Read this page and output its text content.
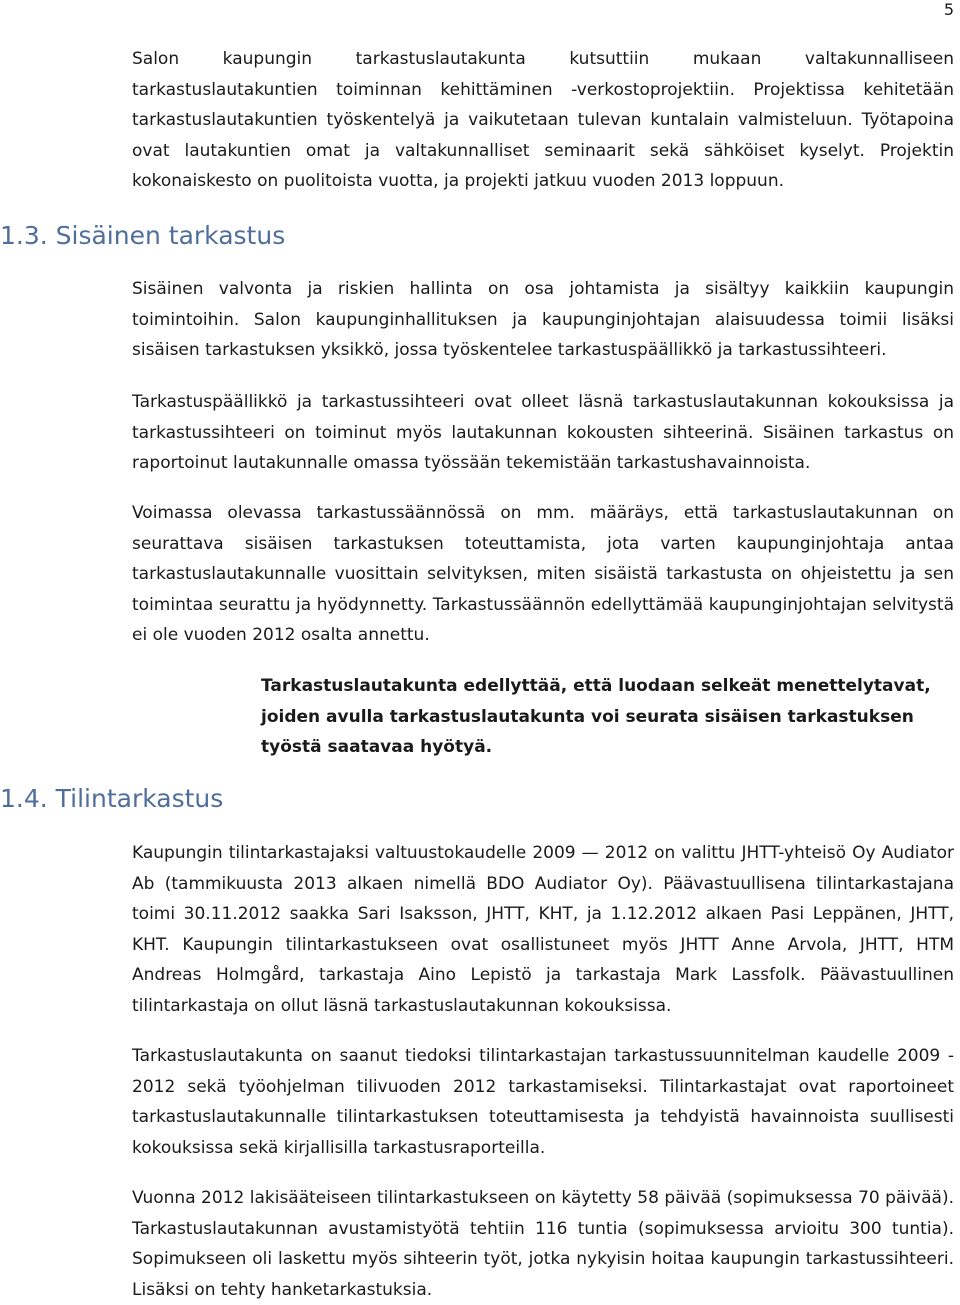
5

Salon kaupungin tarkastuslautakunta kutsuttiin mukaan valtakunnalliseen tarkastuslautakuntien toiminnan kehittäminen -verkostoprojektiin. Projektissa kehitetään tarkastuslautakuntien työskentelyä ja vaikutetaan tulevan kuntalain valmisteluun. Työtapoina ovat lautakuntien omat ja valtakunnalliset seminaarit sekä sähköiset kyselyt. Projektin kokonaiskesto on puolitoista vuotta, ja projekti jatkuu vuoden 2013 loppuun.

1.3. Sisäinen tarkastus

Sisäinen valvonta ja riskien hallinta on osa johtamista ja sisältyy kaikkiin kaupungin toimintoihin. Salon kaupunginhallituksen ja kaupunginjohtajan alaisuudessa toimii lisäksi sisäisen tarkastuksen yksikkö, jossa työskentelee tarkastuspäällikkö ja tarkastussihteeri.

Tarkastuspäällikkö ja tarkastussihteeri ovat olleet läsnä tarkastuslautakunnan kokouksissa ja tarkastussihteeri on toiminut myös lautakunnan kokousten sihteerinä. Sisäinen tarkastus on raportoinut lautakunnalle omassa työssään tekemistään tarkastushavainnoista.

Voimassa olevassa tarkastussäännössä on mm. määräys, että tarkastuslautakunnan on seurattava sisäisen tarkastuksen toteuttamista, jota varten kaupunginjohtaja antaa tarkastuslautakunnalle vuosittain selvityksen, miten sisäistä tarkastusta on ohjeistettu ja sen toimintaa seurattu ja hyödynnetty. Tarkastussäännön edellyttämää kaupunginjohtajan selvitystä ei ole vuoden 2012 osalta annettu.

Tarkastuslautakunta edellyttää, että luodaan selkeät menettelytavat, joiden avulla tarkastuslautakunta voi seurata sisäisen tarkastuksen työstä saatavaa hyötyä.

1.4. Tilintarkastus

Kaupungin tilintarkastajaksi valtuustokaudelle 2009 — 2012 on valittu JHTT-yhteisö Oy Audiator Ab (tammikuusta 2013 alkaen nimellä BDO Audiator Oy). Päävastuullisena tilintarkastajana toimi 30.11.2012 saakka Sari Isaksson, JHTT, KHT, ja 1.12.2012 alkaen Pasi Leppänen, JHTT, KHT. Kaupungin tilintarkastukseen ovat osallistuneet myös JHTT Anne Arvola, JHTT, HTM Andreas Holmgård, tarkastaja Aino Lepistö ja tarkastaja Mark Lassfolk. Päävastuullinen tilintarkastaja on ollut läsnä tarkastuslautakunnan kokouksissa.

Tarkastuslautakunta on saanut tiedoksi tilintarkastajan tarkastussuunnitelman kaudelle 2009 - 2012 sekä työohjelman tilivuoden 2012 tarkastamiseksi. Tilintarkastajat ovat raportoineet tarkastuslautakunnalle tilintarkastuksen toteuttamisesta ja tehdyistä havainnoista suullisesti kokouksissa sekä kirjallisilla tarkastusraporteilla.

Vuonna 2012 lakisääteiseen tilintarkastukseen on käytetty 58 päivää (sopimuksessa 70 päivää). Tarkastuslautakunnan avustamistyötä tehtiin 116 tuntia (sopimuksessa arvioitu 300 tuntia). Sopimukseen oli laskettu myös sihteerin työt, jotka nykyisin hoitaa kaupungin tarkastussihteeri. Lisäksi on tehty hanketarkastuksia.
